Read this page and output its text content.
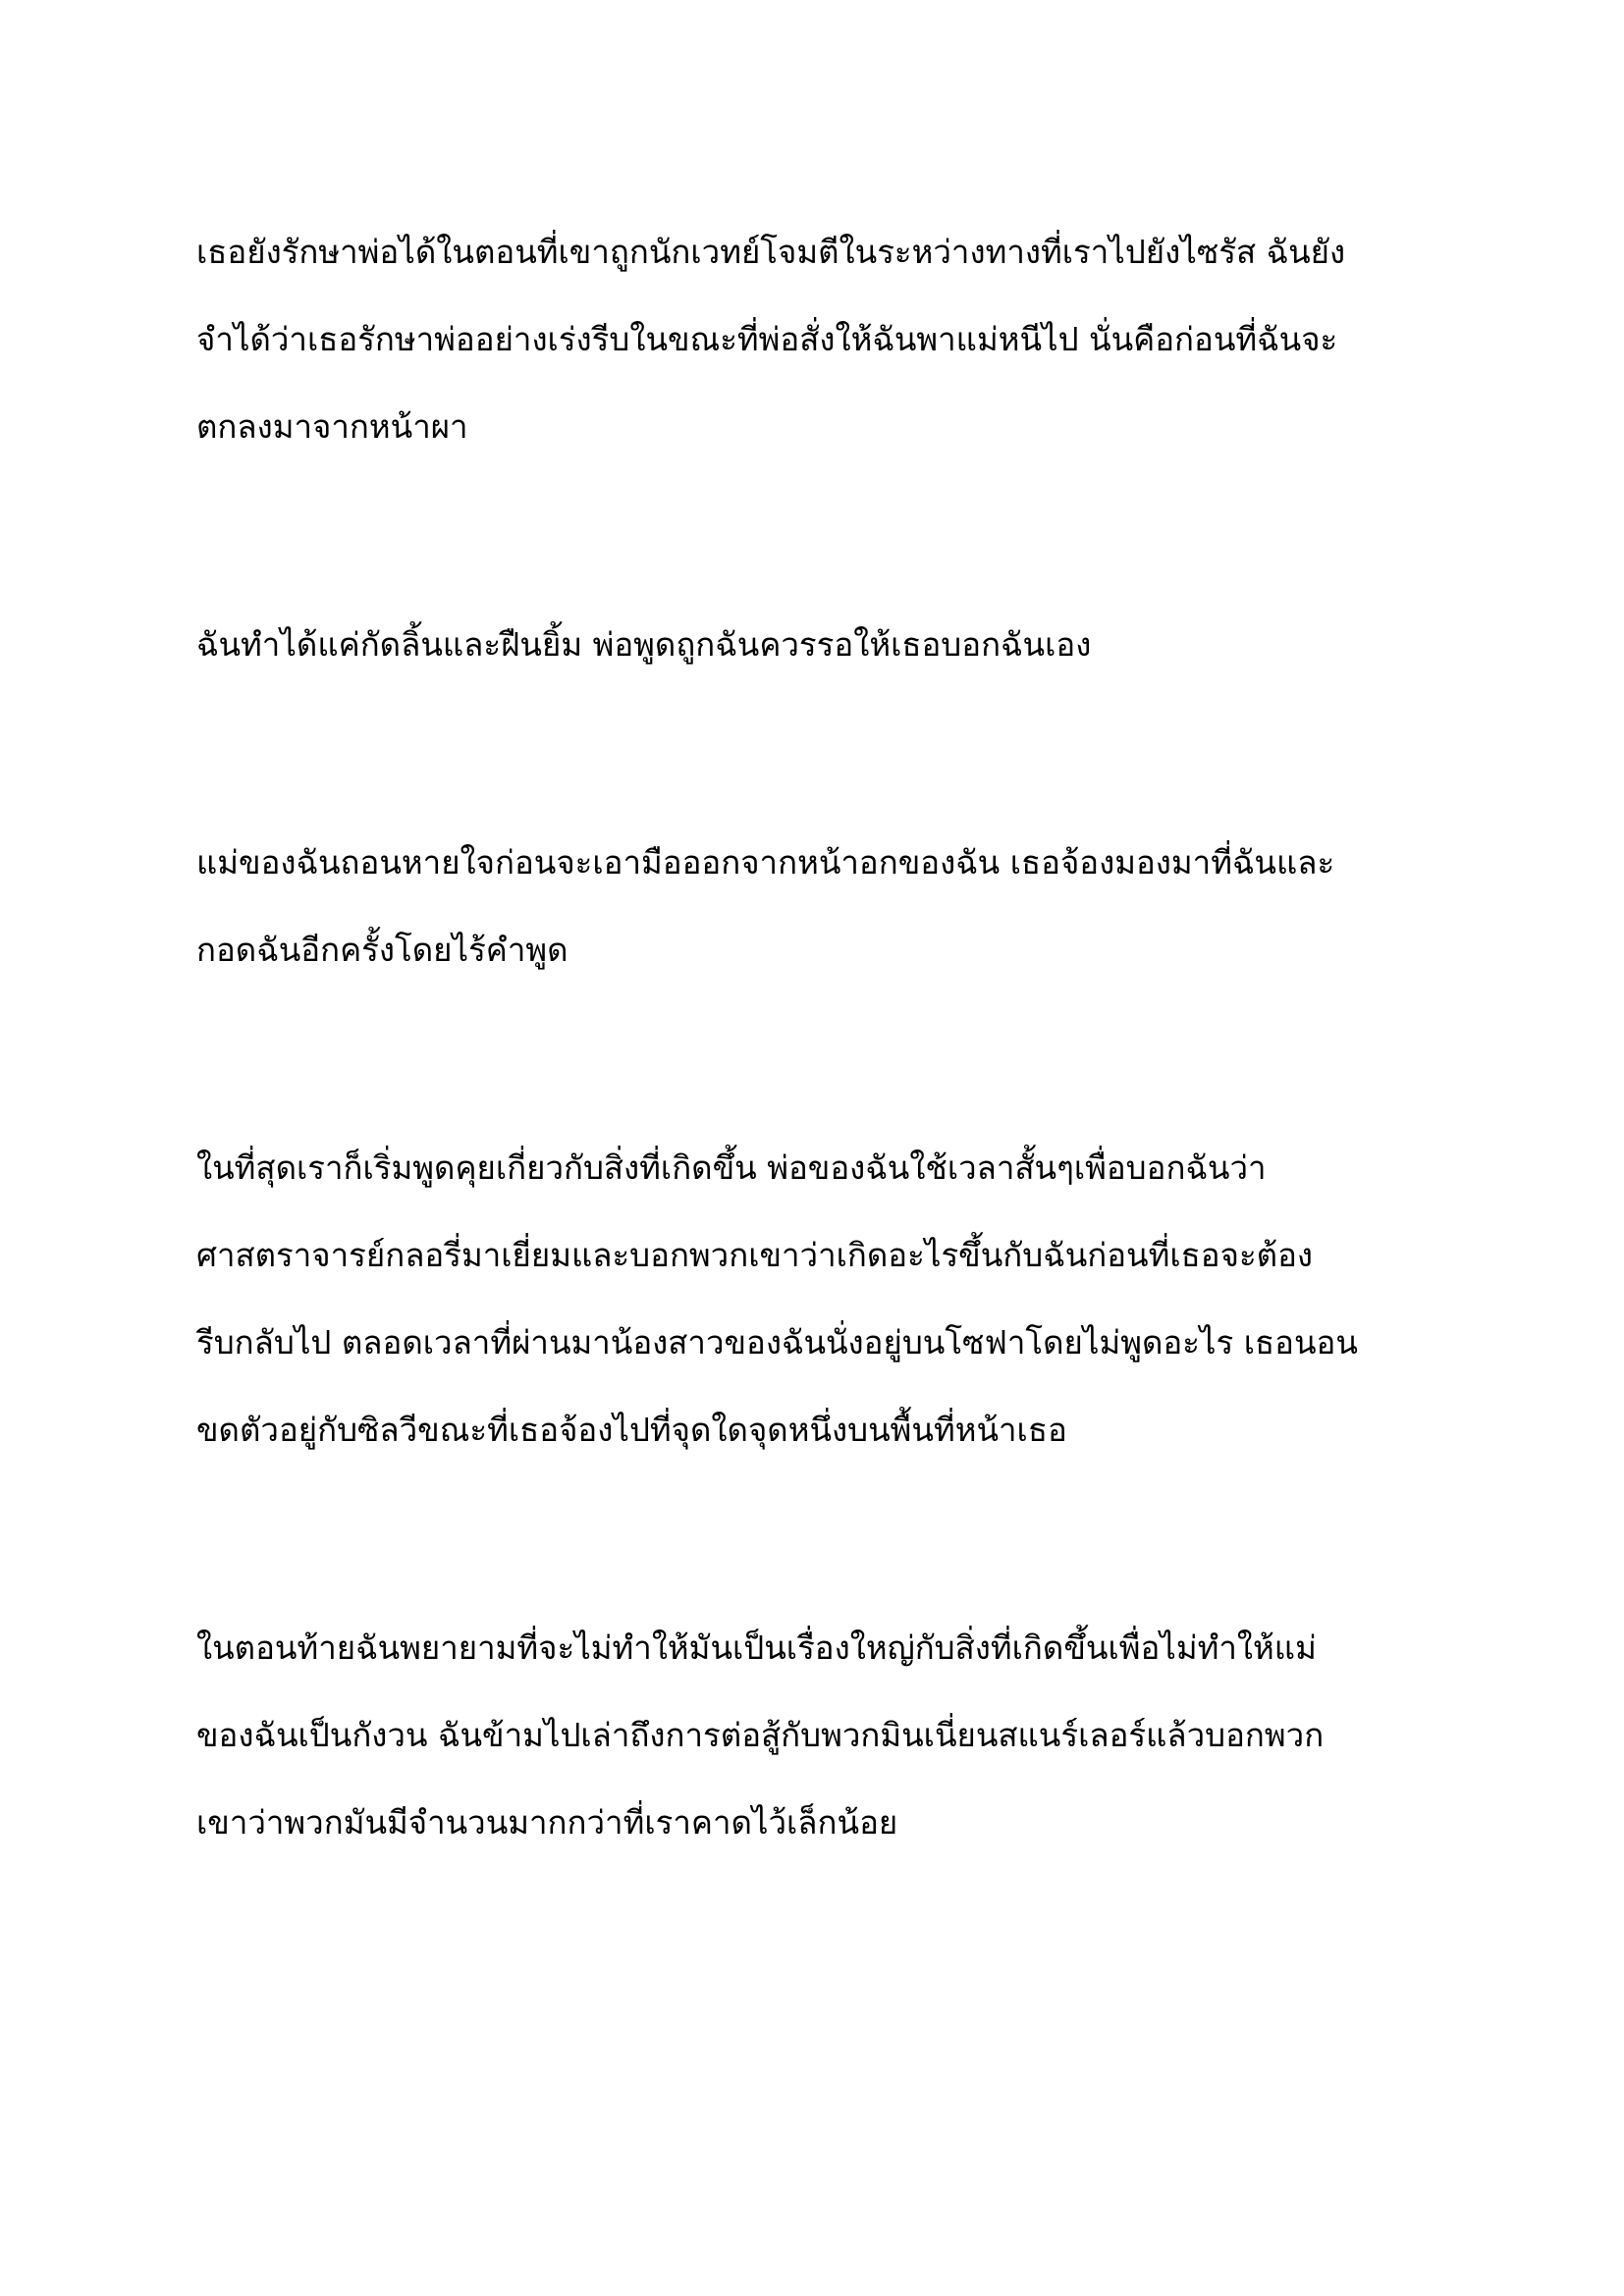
เธอยังรักษาพ่อได้ในตอนที่เขาถูกนักเวทย์โจมตีในระหว่างทางที่เราไปยังไซรัส ฉันยัง
จำได้ว่าเธอรักษาพ่ออย่างเร่งรีบในขณะที่พ่อสั่งให้ฉันพาแม่หนีไป นั่นคือก่อนที่ฉันจะ
ตกลงมาจากหน้าผา
ฉันทำได้แค่กัดลิ้นและฝืนยิ้ม พ่อพูดถูกฉันควรรอให้เธอบอกฉันเอง
แม่ของฉันถอนหายใจก่อนจะเอามือออกจากหน้าอกของฉัน เธอจ้องมองมาที่ฉันและ
กอดฉันอีกครั้งโดยไร้คำพูด
ในที่สุดเราก็เริ่มพูดคุยเกี่ยวกับสิ่งที่เกิดขึ้น พ่อของฉันใช้เวลาสั้นๆเพื่อบอกฉันว่า
ศาสตราจารย์กลอรี่มาเยี่ยมและบอกพวกเขาว่าเกิดอะไรขึ้นกับฉันก่อนที่เธอจะต้อง
รีบกลับไป ตลอดเวลาที่ผ่านมาน้องสาวของฉันนั่งอยู่บนโซฟาโดยไม่พูดอะไร เธอนอน
ขดตัวอยู่กับซิลวีขณะที่เธอจ้องไปที่จุดใดจุดหนึ่งบนพื้นที่หน้าเธอ
ในตอนท้ายฉันพยายามที่จะไม่ทำให้มันเป็นเรื่องใหญ่กับสิ่งที่เกิดขึ้นเพื่อไม่ทำให้แม่
ของฉันเป็นกังวน ฉันข้ามไปเล่าถึงการต่อสู้กับพวกมินเนี่ยนสแนร์เลอร์แล้วบอกพวก
เขาว่าพวกมันมีจำนวนมากกว่าที่เราคาดไว้เล็กน้อย
